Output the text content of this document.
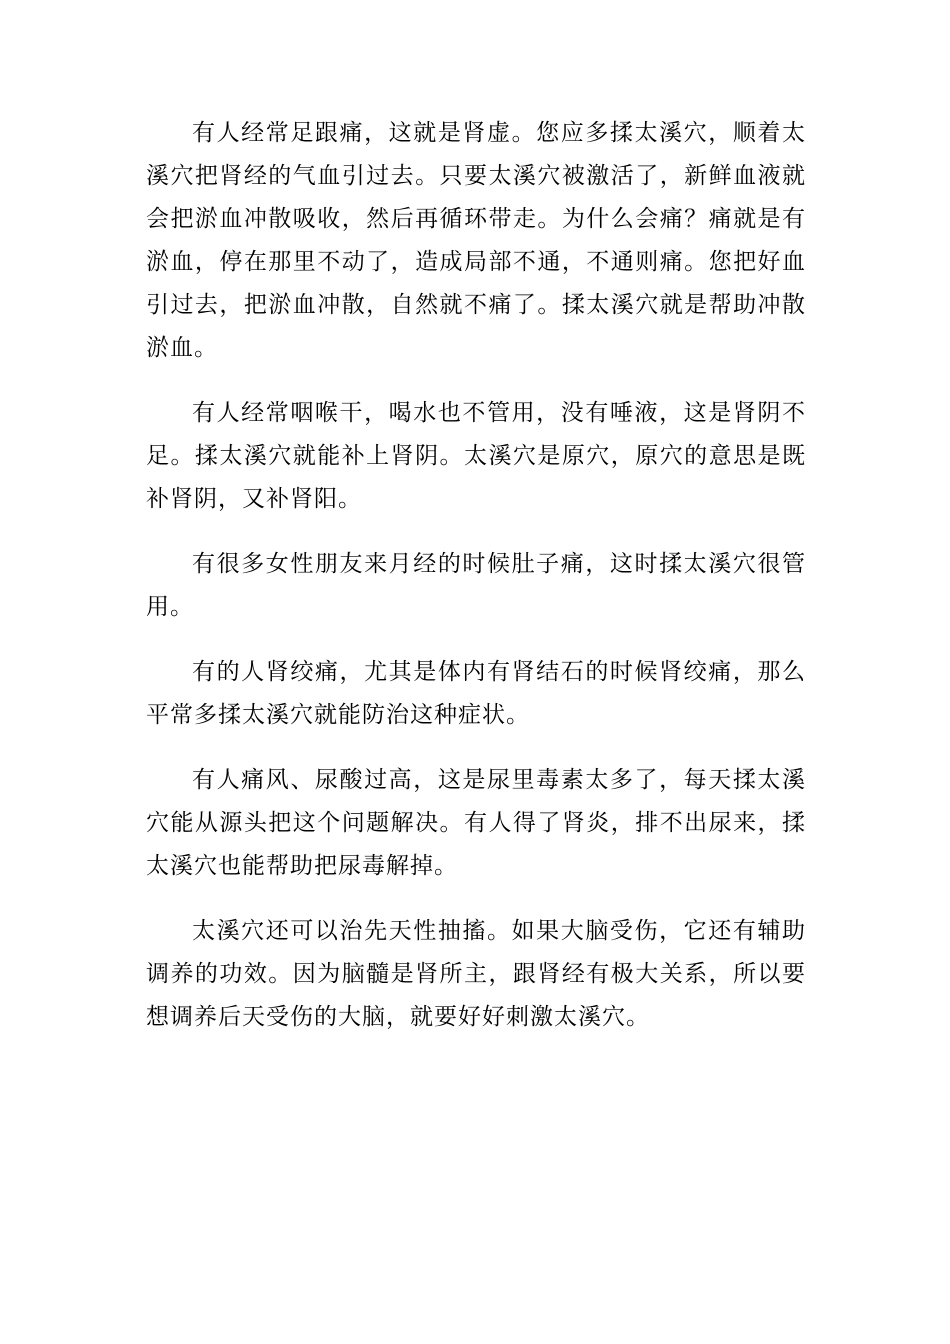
有人经常足跟痛，这就是肾虚。您应多揉太溪穴，顺着太溪穴把肾经的气血引过去。只要太溪穴被激活了，新鲜血液就会把淤血冲散吸收，然后再循环带走。为什么会痛？痛就是有淤血，停在那里不动了，造成局部不通，不通则痛。您把好血引过去，把淤血冲散，自然就不痛了。揉太溪穴就是帮助冲散淤血。

有人经常咽喉干，喝水也不管用，没有唾液，这是肾阴不足。揉太溪穴就能补上肾阴。太溪穴是原穴，原穴的意思是既补肾阴，又补肾阳。

有很多女性朋友来月经的时候肚子痛，这时揉太溪穴很管用。

有的人肾绞痛，尤其是体内有肾结石的时候肾绞痛，那么平常多揉太溪穴就能防治这种症状。

有人痛风、尿酸过高，这是尿里毒素太多了，每天揉太溪穴能从源头把这个问题解决。有人得了肾炎，排不出尿来，揉太溪穴也能帮助把尿毒解掉。

太溪穴还可以治先天性抽搐。如果大脑受伤，它还有辅助调养的功效。因为脑髓是肾所主，跟肾经有极大关系，所以要想调养后天受伤的大脑，就要好好刺激太溪穴。
